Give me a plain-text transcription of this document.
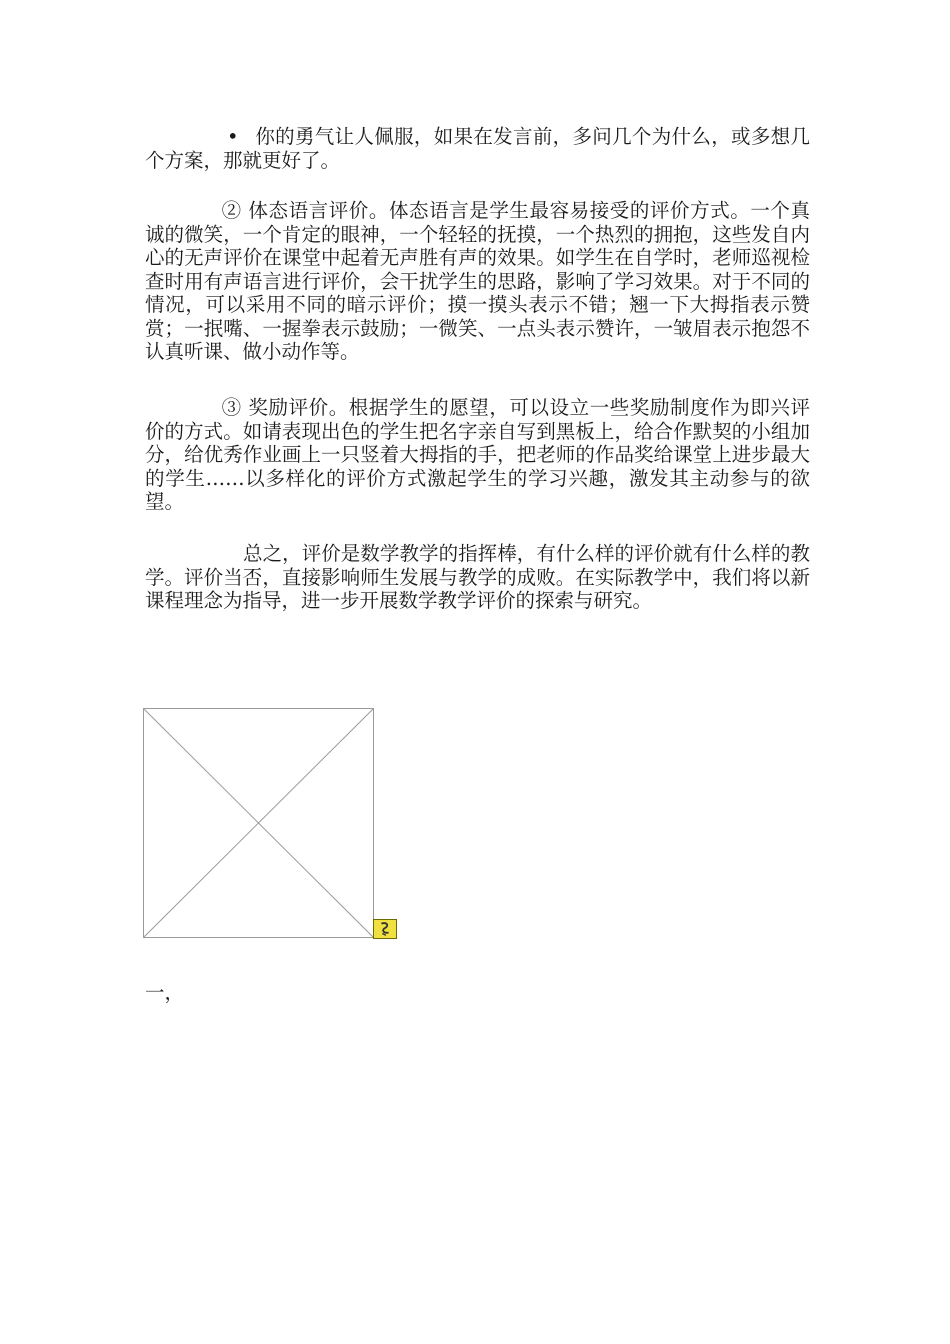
• 你的勇气让人佩服，如果在发言前，多问几个为什么，或多想几个方案，那就更好了。

② 体态语言评价。体态语言是学生最容易接受的评价方式。一个真诚的微笑，一个肯定的眼神，一个轻轻的抚摸，一个热烈的拥抱，这些发自内心的无声评价在课堂中起着无声胜有声的效果。如学生在自学时，老师巡视检查时用有声语言进行评价，会干扰学生的思路，影响了学习效果。对于不同的情况，可以采用不同的暗示评价；摸一摸头表示不错；翘一下大拇指表示赞赏；一抿嘴、一握拳表示鼓励；一微笑、一点头表示赞许，一皱眉表示抱怨不认真听课、做小动作等。

③ 奖励评价。根据学生的愿望，可以设立一些奖励制度作为即兴评价的方式。如请表现出色的学生把名字亲自写到黑板上，给合作默契的小组加分，给优秀作业画上一只竖着大拇指的手，把老师的作品奖给课堂上进步最大的学生……以多样化的评价方式激起学生的学习兴趣，激发其主动参与的欲望。

总之，评价是数学教学的指挥棒，有什么样的评价就有什么样的教学。评价当否，直接影响师生发展与教学的成败。在实际教学中，我们将以新课程理念为指导，进一步开展数学教学评价的探索与研究。

一，
